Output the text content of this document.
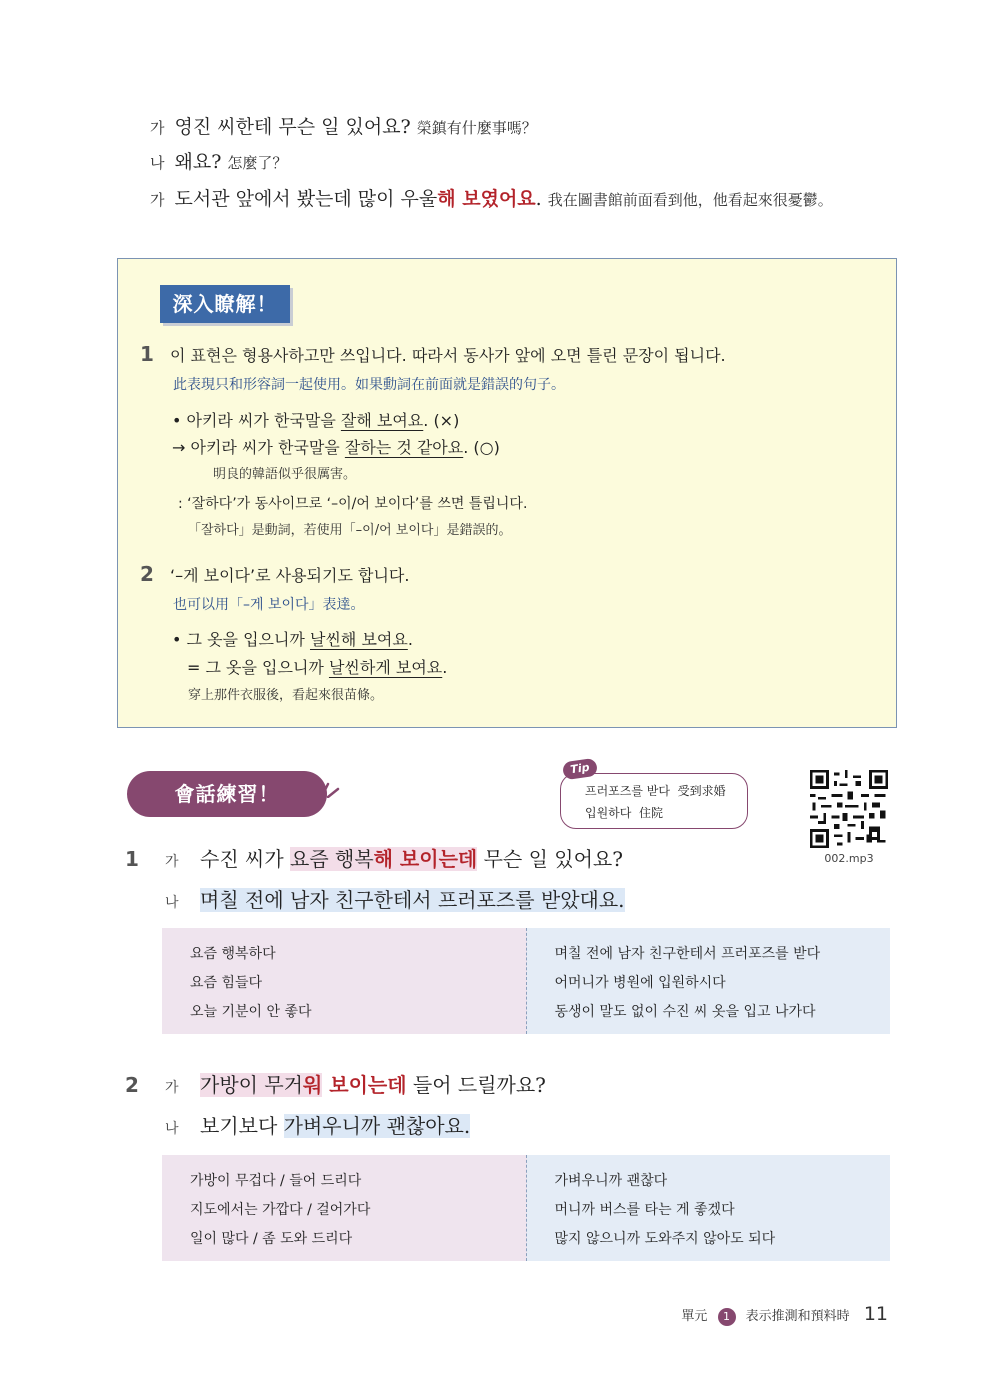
가 영진 씨한테 무슨 일 있어요? 榮鎮有什麼事嗎？
나 왜요? 怎麼了？
가 도서관 앞에서 봤는데 많이 우울해 보였어요. 我在圖書館前面看到他，他看起來很憂鬱。
深入瞭解！
1 이 표현은 형용사하고만 쓰입니다. 따라서 동사가 앞에 오면 틀린 문장이 됩니다.
此表現只和形容詞一起使用。如果動詞在前面就是錯誤的句子。
• 아키라 씨가 한국말을 잘해 보여요. (×)
→ 아키라 씨가 한국말을 잘하는 것 같아요. (○)
明良的韓語似乎很厲害。
: ‘잘하다’가 동사이므로 ‘–이/어 보이다’를 쓰면 틀립니다.
「잘하다」是動詞，若使用「–이/어 보이다」是錯誤的。
2 ‘–게 보이다’로 사용되기도 합니다.
也可以用「–게 보이다」表達。
• 그 옷을 입으니까 날씬해 보여요.
= 그 옷을 입으니까 날씬하게 보여요.
穿上那件衣服後，看起來很苗條。
會話練習！	프러포즈를 받다 受到求婚
입원하다 住院
Tip
002.mp3
1 가 수진 씨가 요즘 행복해 보이는데 무슨 일 있어요?
나 며칠 전에 남자 친구한테서 프러포즈를 받았대요.
요즘 행복하다
요즘 힘들다
오늘 기분이 안 좋다
며칠 전에 남자 친구한테서 프러포즈를 받다
어머니가 병원에 입원하시다
동생이 말도 없이 수진 씨 옷을 입고 나가다
2 가 가방이 무거워 보이는데 들어 드릴까요?
나 보기보다 가벼우니까 괜찮아요.
가방이 무겁다 / 들어 드리다
지도에서는 가깝다 / 걸어가다
일이 많다 / 좀 도와 드리다
가벼우니까 괜찮다
머니까 버스를 타는 게 좋겠다
많지 않으니까 도와주지 않아도 되다
單元 1 表示推測和預料時 11
